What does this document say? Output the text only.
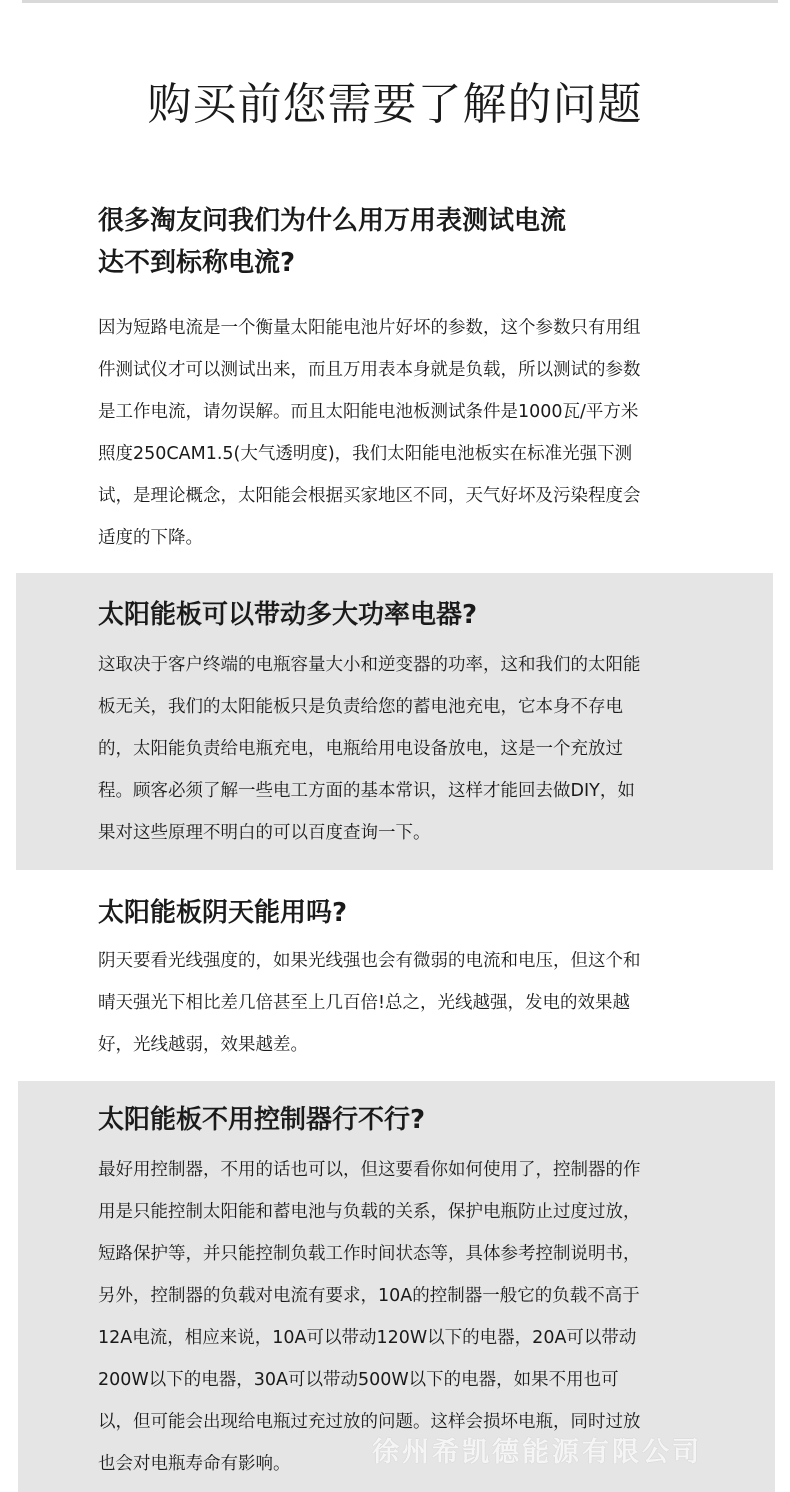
购买前您需要了解的问题
很多淘友问我们为什么用万用表测试电流
达不到标称电流?

因为短路电流是一个衡量太阳能电池片好坏的参数，这个参数只有用组
件测试仪才可以测试出来，而且万用表本身就是负载，所以测试的参数
是工作电流，请勿误解。而且太阳能电池板测试条件是1000瓦/平方米
照度250CAM1.5(大气透明度)，我们太阳能电池板实在标准光强下测
试，是理论概念，太阳能会根据买家地区不同，天气好坏及污染程度会
适度的下降。

太阳能板可以带动多大功率电器?

这取决于客户终端的电瓶容量大小和逆变器的功率，这和我们的太阳能
板无关，我们的太阳能板只是负责给您的蓄电池充电，它本身不存电
的，太阳能负责给电瓶充电，电瓶给用电设备放电，这是一个充放过
程。顾客必须了解一些电工方面的基本常识，这样才能回去做DIY，如
果对这些原理不明白的可以百度查询一下。

太阳能板阴天能用吗?

阴天要看光线强度的，如果光线强也会有微弱的电流和电压，但这个和
晴天强光下相比差几倍甚至上几百倍!总之，光线越强，发电的效果越
好，光线越弱，效果越差。

太阳能板不用控制器行不行?

最好用控制器，不用的话也可以，但这要看你如何使用了，控制器的作
用是只能控制太阳能和蓄电池与负载的关系，保护电瓶防止过度过放，
短路保护等，并只能控制负载工作时间状态等，具体参考控制说明书，
另外，控制器的负载对电流有要求，10A的控制器一般它的负载不高于
12A电流，相应来说，10A可以带动120W以下的电器，20A可以带动
200W以下的电器，30A可以带动500W以下的电器，如果不用也可
以，但可能会出现给电瓶过充过放的问题。这样会损坏电瓶，同时过放
也会对电瓶寿命有影响。	徐州希凯德能源有限公司
